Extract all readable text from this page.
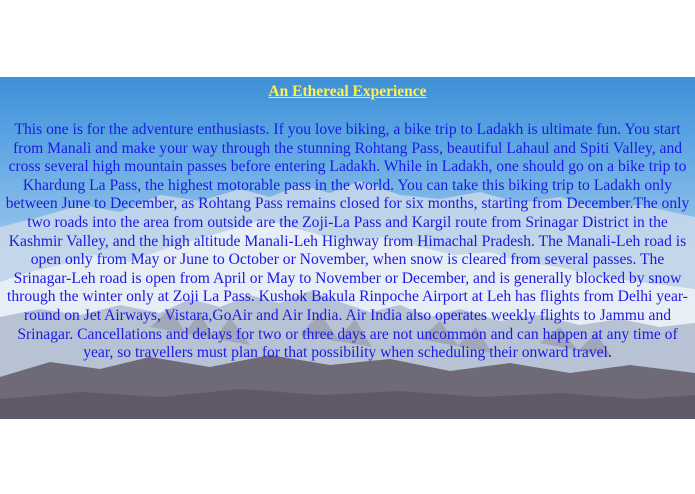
An Ethereal Experience

This one is for the adventure enthusiasts. If you love biking, a bike trip to Ladakh is ultimate fun. You start from Manali and make your way through the stunning Rohtang Pass, beautiful Lahaul and Spiti Valley, and cross several high mountain passes before entering Ladakh. While in Ladakh, one should go on a bike trip to Khardung La Pass, the highest motorable pass in the world. You can take this biking trip to Ladakh only between June to December, as Rohtang Pass remains closed for six months, starting from December.The only two roads into the area from outside are the Zoji-La Pass and Kargil route from Srinagar District in the Kashmir Valley, and the high altitude Manali-Leh Highway from Himachal Pradesh. The Manali-Leh road is open only from May or June to October or November, when snow is cleared from several passes. The Srinagar-Leh road is open from April or May to November or December, and is generally blocked by snow through the winter only at Zoji La Pass. Kushok Bakula Rinpoche Airport at Leh has flights from Delhi year-round on Jet Airways, Vistara,GoAir and Air India. Air India also operates weekly flights to Jammu and Srinagar. Cancellations and delays for two or three days are not uncommon and can happen at any time of year, so travellers must plan for that possibility when scheduling their onward travel.
